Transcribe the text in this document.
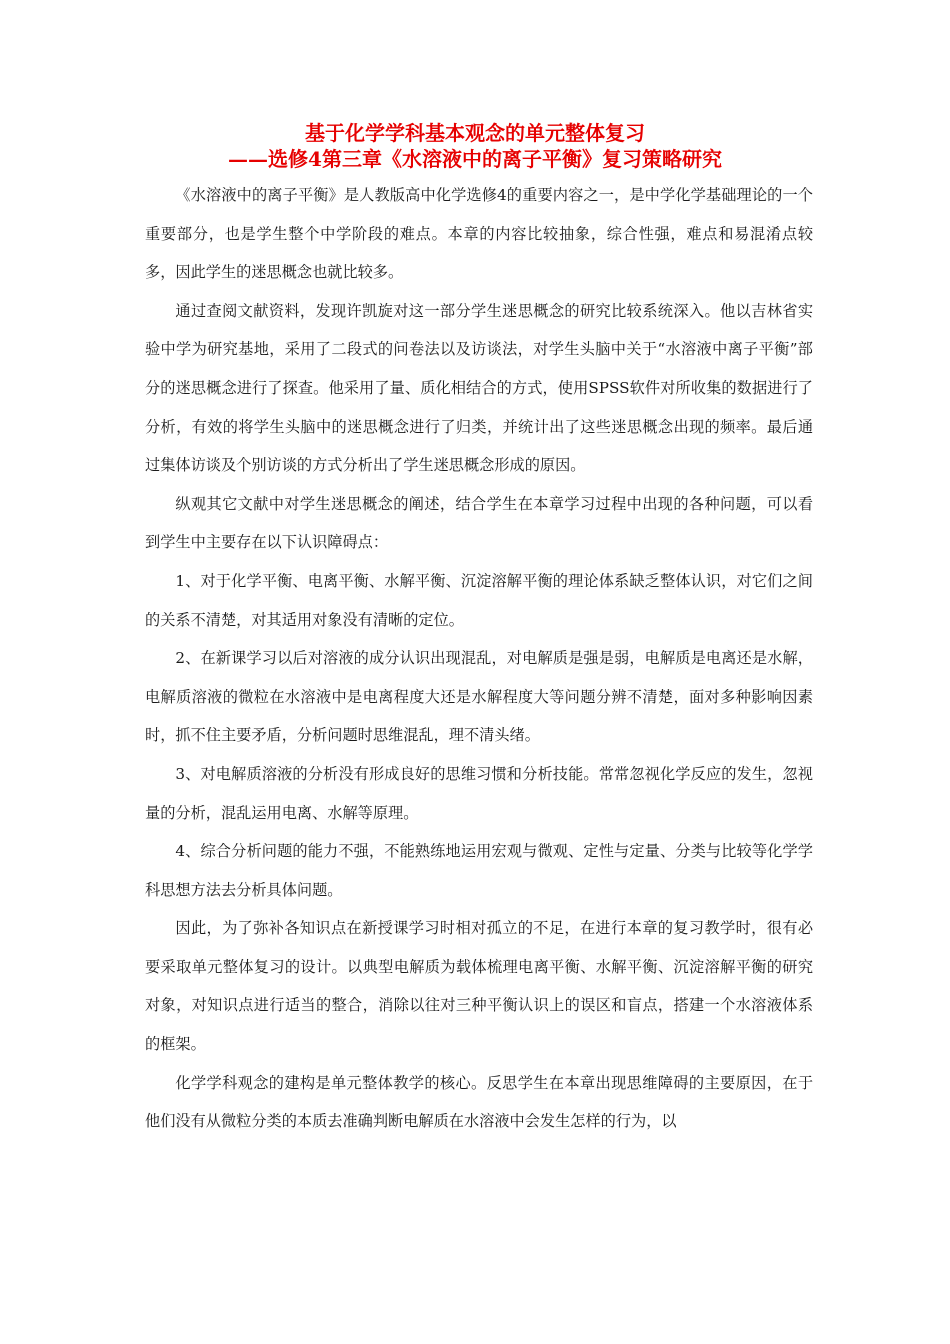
基于化学学科基本观念的单元整体复习
——选修4第三章《水溶液中的离子平衡》复习策略研究

《水溶液中的离子平衡》是人教版高中化学选修4的重要内容之一，是中学化学基础理论的一个重要部分，也是学生整个中学阶段的难点。本章的内容比较抽象，综合性强，难点和易混淆点较多，因此学生的迷思概念也就比较多。

通过查阅文献资料，发现许凯旋对这一部分学生迷思概念的研究比较系统深入。他以吉林省实验中学为研究基地，采用了二段式的问卷法以及访谈法，对学生头脑中关于“水溶液中离子平衡”部分的迷思概念进行了探查。他采用了量、质化相结合的方式，使用SPSS软件对所收集的数据进行了分析，有效的将学生头脑中的迷思概念进行了归类，并统计出了这些迷思概念出现的频率。最后通过集体访谈及个别访谈的方式分析出了学生迷思概念形成的原因。

纵观其它文献中对学生迷思概念的阐述，结合学生在本章学习过程中出现的各种问题，可以看到学生中主要存在以下认识障碍点：

1、对于化学平衡、电离平衡、水解平衡、沉淀溶解平衡的理论体系缺乏整体认识，对它们之间的关系不清楚，对其适用对象没有清晰的定位。

2、在新课学习以后对溶液的成分认识出现混乱，对电解质是强是弱，电解质是电离还是水解，电解质溶液的微粒在水溶液中是电离程度大还是水解程度大等问题分辨不清楚，面对多种影响因素时，抓不住主要矛盾，分析问题时思维混乱，理不清头绪。

3、对电解质溶液的分析没有形成良好的思维习惯和分析技能。常常忽视化学反应的发生，忽视量的分析，混乱运用电离、水解等原理。

4、综合分析问题的能力不强，不能熟练地运用宏观与微观、定性与定量、分类与比较等化学学科思想方法去分析具体问题。

因此，为了弥补各知识点在新授课学习时相对孤立的不足，在进行本章的复习教学时，很有必要采取单元整体复习的设计。以典型电解质为载体梳理电离平衡、水解平衡、沉淀溶解平衡的研究对象，对知识点进行适当的整合，消除以往对三种平衡认识上的误区和盲点，搭建一个水溶液体系的框架。

化学学科观念的建构是单元整体教学的核心。反思学生在本章出现思维障碍的主要原因，在于他们没有从微粒分类的本质去准确判断电解质在水溶液中会发生怎样的行为，以
